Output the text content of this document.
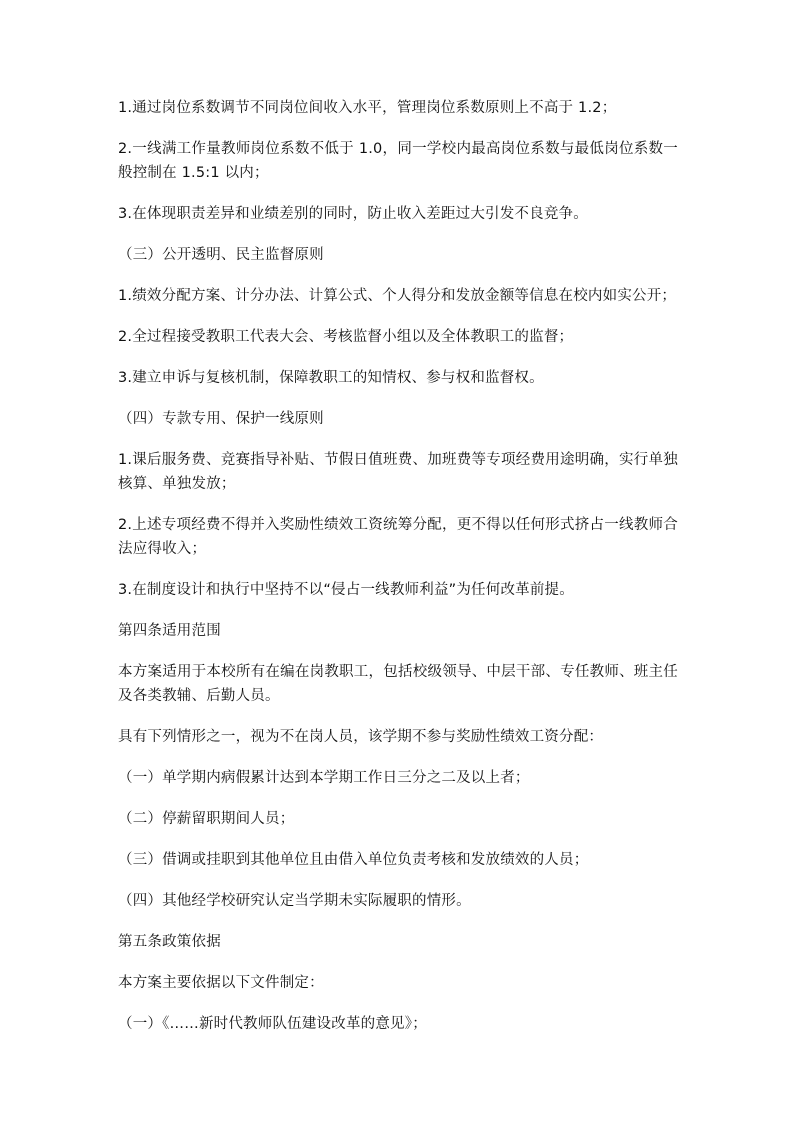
1.通过岗位系数调节不同岗位间收入水平，管理岗位系数原则上不高于 1.2；

2.一线满工作量教师岗位系数不低于 1.0，同一学校内最高岗位系数与最低岗位系数一般控制在 1.5:1 以内；

3.在体现职责差异和业绩差别的同时，防止收入差距过大引发不良竞争。

（三）公开透明、民主监督原则

1.绩效分配方案、计分办法、计算公式、个人得分和发放金额等信息在校内如实公开；

2.全过程接受教职工代表大会、考核监督小组以及全体教职工的监督；

3.建立申诉与复核机制，保障教职工的知情权、参与权和监督权。

（四）专款专用、保护一线原则

1.课后服务费、竞赛指导补贴、节假日值班费、加班费等专项经费用途明确，实行单独核算、单独发放；

2.上述专项经费不得并入奖励性绩效工资统筹分配，更不得以任何形式挤占一线教师合法应得收入；

3.在制度设计和执行中坚持不以“侵占一线教师利益”为任何改革前提。

第四条适用范围

本方案适用于本校所有在编在岗教职工，包括校级领导、中层干部、专任教师、班主任及各类教辅、后勤人员。

具有下列情形之一，视为不在岗人员，该学期不参与奖励性绩效工资分配：

（一）单学期内病假累计达到本学期工作日三分之二及以上者；

（二）停薪留职期间人员；

（三）借调或挂职到其他单位且由借入单位负责考核和发放绩效的人员；

（四）其他经学校研究认定当学期未实际履职的情形。

第五条政策依据

本方案主要依据以下文件制定：

（一）《……新时代教师队伍建设改革的意见》；
